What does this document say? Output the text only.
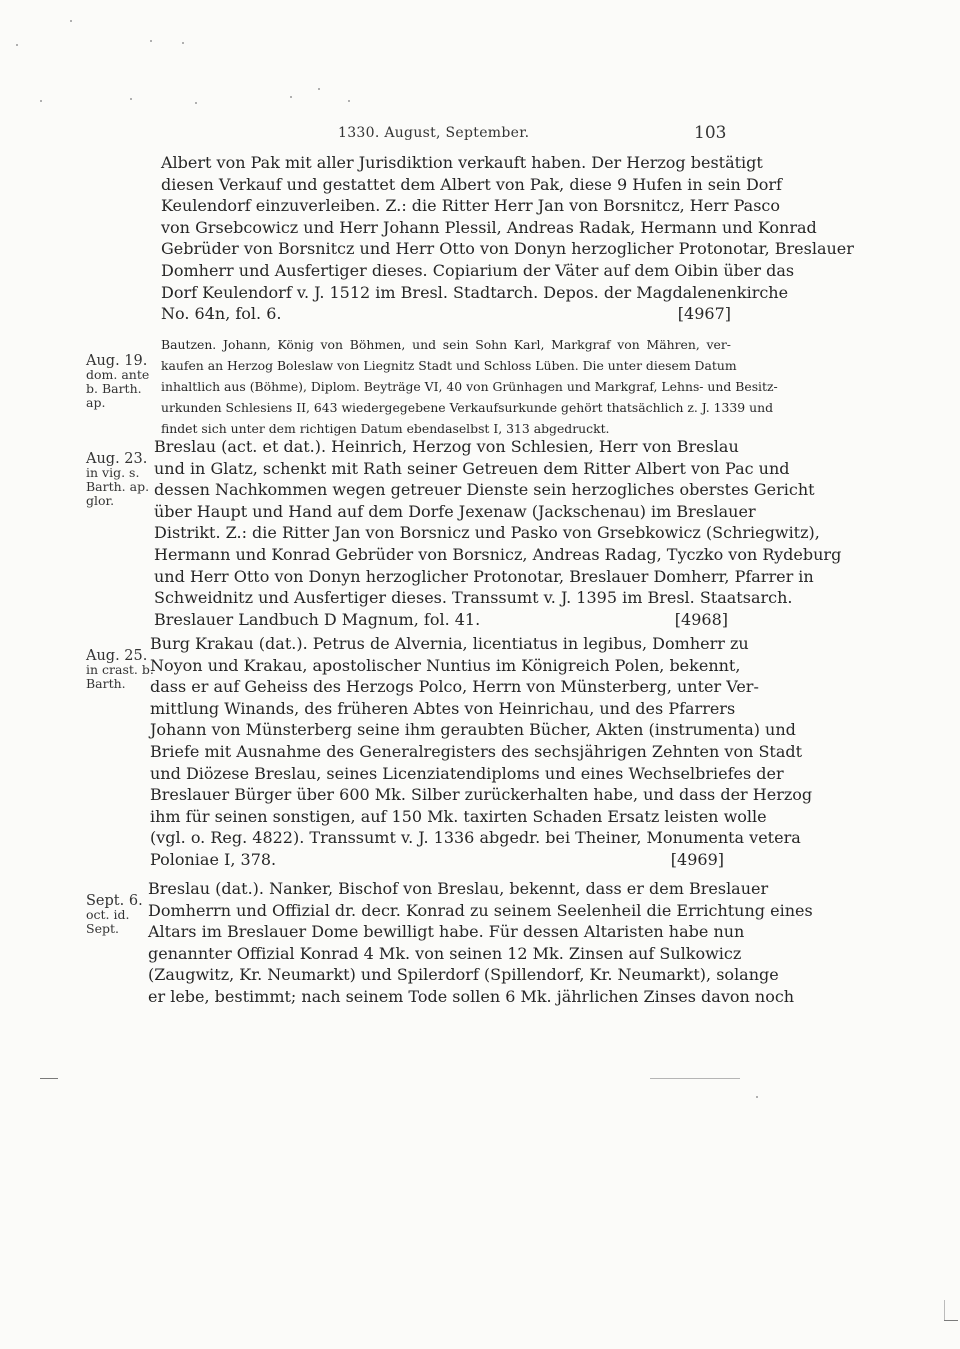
1330. August, September.	103
Albert von Pak mit aller Jurisdiktion verkauft haben. Der Herzog bestätigt
diesen Verkauf und gestattet dem Albert von Pak, diese 9 Hufen in sein Dorf
Keulendorf einzuverleiben. Z.: die Ritter Herr Jan von Borsnitcz, Herr Pasco
von Grsebcowicz und Herr Johann Plessil, Andreas Radak, Hermann und Konrad
Gebrüder von Borsnitcz und Herr Otto von Donyn herzoglicher Protonotar, Breslauer
Domherr und Ausfertiger dieses. Copiarium der Väter auf dem Oibin über das
Dorf Keulendorf v. J. 1512 im Bresl. Stadtarch. Depos. der Magdalenenkirche
No. 64n, fol. 6.	[4967]

Aug. 19.
dom. ante
b. Barth. ap.

Bautzen. Johann, König von Böhmen, und sein Sohn Karl, Markgraf von Mähren, ver-
kaufen an Herzog Boleslaw von Liegnitz Stadt und Schloss Lüben. Die unter diesem Datum
inhaltlich aus (Böhme), Diplom. Beyträge VI, 40 von Grünhagen und Markgraf, Lehns- und Besitz-
urkunden Schlesiens II, 643 wiedergegebene Verkaufsurkunde gehört thatsächlich z. J. 1339 und
findet sich unter dem richtigen Datum ebendaselbst I, 313 abgedruckt.

Aug. 23.
in vig. s.
Barth. ap.
glor.

Breslau (act. et dat.). Heinrich, Herzog von Schlesien, Herr von Breslau
und in Glatz, schenkt mit Rath seiner Getreuen dem Ritter Albert von Pac und
dessen Nachkommen wegen getreuer Dienste sein herzogliches oberstes Gericht
über Haupt und Hand auf dem Dorfe Jexenaw (Jackschenau) im Breslauer
Distrikt. Z.: die Ritter Jan von Borsnicz und Pasko von Grsebkowicz (Schriegwitz),
Hermann und Konrad Gebrüder von Borsnicz, Andreas Radag, Tyczko von Rydeburg
und Herr Otto von Donyn herzoglicher Protonotar, Breslauer Domherr, Pfarrer in
Schweidnitz und Ausfertiger dieses. Transsumt v. J. 1395 im Bresl. Staatsarch.
Breslauer Landbuch D Magnum, fol. 41.	[4968]

Aug. 25.
in crast. b.
Barth.

Burg Krakau (dat.). Petrus de Alvernia, licentiatus in legibus, Domherr zu
Noyon und Krakau, apostolischer Nuntius im Königreich Polen, bekennt,
dass er auf Geheiss des Herzogs Polco, Herrn von Münsterberg, unter Ver-
mittlung Winands, des früheren Abtes von Heinrichau, und des Pfarrers
Johann von Münsterberg seine ihm geraubten Bücher, Akten (instrumenta) und
Briefe mit Ausnahme des Generalregisters des sechsjährigen Zehnten von Stadt
und Diözese Breslau, seines Licenziatendiploms und eines Wechselbriefes der
Breslauer Bürger über 600 Mk. Silber zurückerhalten habe, und dass der Herzog
ihm für seinen sonstigen, auf 150 Mk. taxirten Schaden Ersatz leisten wolle
(vgl. o. Reg. 4822). Transsumt v. J. 1336 abgedr. bei Theiner, Monumenta vetera
Poloniae I, 378.	[4969]

Sept. 6.
oct. id. Sept.

Breslau (dat.). Nanker, Bischof von Breslau, bekennt, dass er dem Breslauer
Domherrn und Offizial dr. decr. Konrad zu seinem Seelenheil die Errichtung eines
Altars im Breslauer Dome bewilligt habe. Für dessen Altaristen habe nun
genannter Offizial Konrad 4 Mk. von seinen 12 Mk. Zinsen auf Sulkowicz
(Zaugwitz, Kr. Neumarkt) und Spilerdorf (Spillendorf, Kr. Neumarkt), solange
er lebe, bestimmt; nach seinem Tode sollen 6 Mk. jährlichen Zinses davon noch
